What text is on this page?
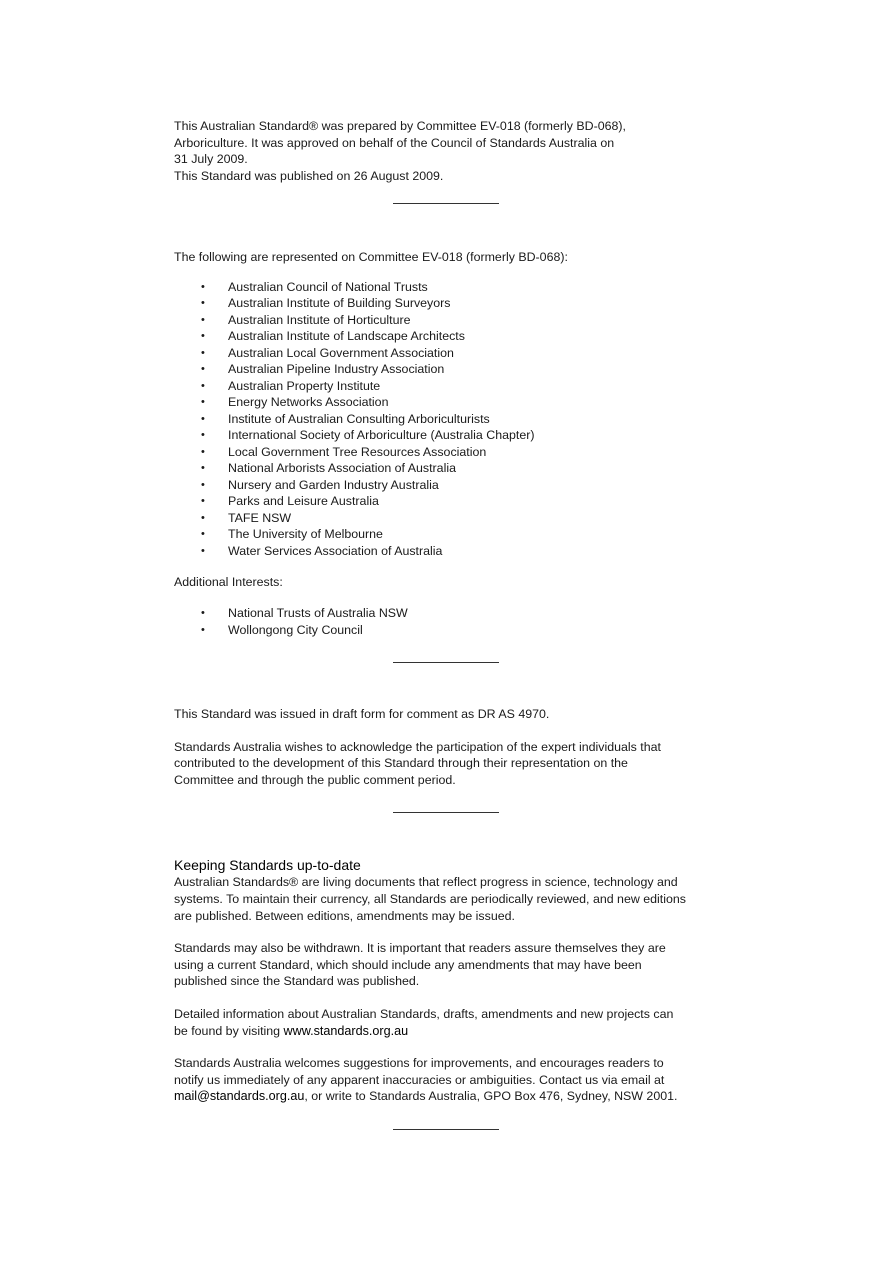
This Australian Standard® was prepared by Committee EV-018 (formerly BD-068),

Arboriculture. It was approved on behalf of the Council of Standards Australia on

31 July 2009.

This Standard was published on 26 August 2009.

The following are represented on Committee EV-018 (formerly BD-068):

• Australian Council of National Trusts
• Australian Institute of Building Surveyors
• Australian Institute of Horticulture
• Australian Institute of Landscape Architects
• Australian Local Government Association
• Australian Pipeline Industry Association
• Australian Property Institute
• Energy Networks Association
• Institute of Australian Consulting Arboriculturists
• International Society of Arboriculture (Australia Chapter)
• Local Government Tree Resources Association
• National Arborists Association of Australia
• Nursery and Garden Industry Australia
• Parks and Leisure Australia
• TAFE NSW
• The University of Melbourne
• Water Services Association of Australia

Additional Interests:

• National Trusts of Australia NSW
• Wollongong City Council

This Standard was issued in draft form for comment as DR AS 4970.

Standards Australia wishes to acknowledge the participation of the expert individuals that

contributed to the development of this Standard through their representation on the

Committee and through the public comment period.

Keeping Standards up-to-date

Australian Standards® are living documents that reflect progress in science, technology and

systems. To maintain their currency, all Standards are periodically reviewed, and new editions

are published. Between editions, amendments may be issued.

Standards may also be withdrawn. It is important that readers assure themselves they are

using a current Standard, which should include any amendments that may have been

published since the Standard was published.

Detailed information about Australian Standards, drafts, amendments and new projects can

be found by visiting www.standards.org.au

Standards Australia welcomes suggestions for improvements, and encourages readers to

notify us immediately of any apparent inaccuracies or ambiguities. Contact us via email at

mail@standards.org.au, or write to Standards Australia, GPO Box 476, Sydney, NSW 2001.
